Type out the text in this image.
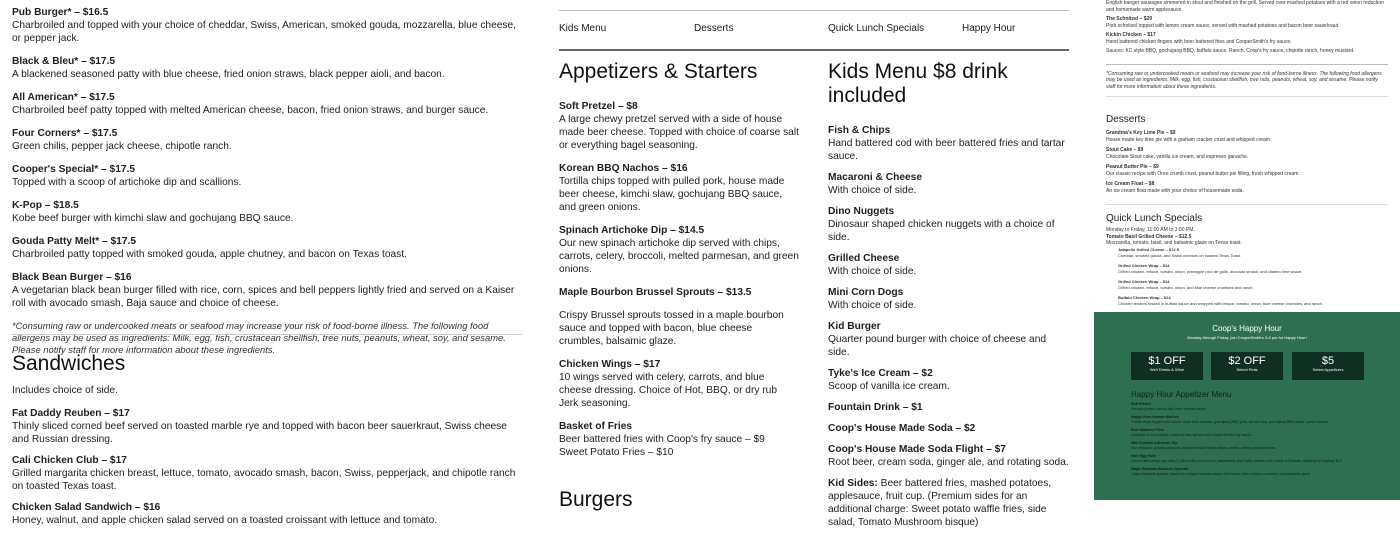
Pub Burger* – $16.5
Charbroiled and topped with your choice of cheddar, Swiss, American, smoked gouda, mozzarella, blue cheese, or pepper jack.
Black & Bleu* – $17.5
A blackened seasoned patty with blue cheese, fried onion straws, black pepper aioli, and bacon.
All American* – $17.5
Charbroiled beef patty topped with melted American cheese, bacon, fried onion straws, and burger sauce.
Four Corners* – $17.5
Green chilis, pepper jack cheese, chipotle ranch.
Cooper's Special* – $17.5
Topped with a scoop of artichoke dip and scallions.
K-Pop – $18.5
Kobe beef burger with kimchi slaw and gochujang BBQ sauce.
Gouda Patty Melt* – $17.5
Charbroiled patty topped with smoked gouda, apple chutney, and bacon on Texas toast.
Black Bean Burger – $16
A vegetarian black bean burger filled with rice, corn, spices and bell peppers lightly fried and served on a Kaiser roll with avocado smash, Baja sauce and choice of cheese.
*Consuming raw or undercooked meats or seafood may increase your risk of food-borne illness. The following food allergens may be used as ingredients: Milk, egg, fish, crustacean shellfish, tree nuts, peanuts, wheat, soy, and sesame. Please notify staff for more information about these ingredients.
Sandwiches
Includes choice of side.
Fat Daddy Reuben – $17
Thinly sliced corned beef served on toasted marble rye and topped with bacon beer sauerkraut, Swiss cheese and Russian dressing.
Cali Chicken Club – $17
Grilled margarita chicken breast, lettuce, tomato, avocado smash, bacon, Swiss, pepperjack, and chipotle ranch on toasted Texas toast.
Chicken Salad Sandwich – $16
Honey, walnut, and apple chicken salad served on a toasted croissant with lettuce and tomato.
Kids Menu	Desserts	Quick Lunch Specials	Happy Hour
Appetizers & Starters
Soft Pretzel – $8
A large chewy pretzel served with a side of house made beer cheese. Topped with choice of coarse salt or everything bagel seasoning.
Korean BBQ Nachos – $16
Tortilla chips topped with pulled pork, house made beer cheese, kimchi slaw, gochujang BBQ sauce, and green onions.
Spinach Artichoke Dip – $14.5
Our new spinach artichoke dip served with chips, carrots, celery, broccoli, melted parmesan, and green onions.
Maple Bourbon Brussel Sprouts – $13.5
Crispy Brussel sprouts tossed in a maple bourbon sauce and topped with bacon, blue cheese crumbles, balsamic glaze.
Chicken Wings – $17
10 wings served with celery, carrots, and blue cheese dressing. Choice of Hot, BBQ, or dry rub Jerk seasoning.
Basket of Fries
Beer battered fries with Coop's fry sauce – $9
Sweet Potato Fries – $10
Burgers
Kids Menu $8 drink included
Fish & Chips
Hand battered cod with beer battered fries and tartar sauce.
Macaroni & Cheese
With choice of side.
Dino Nuggets
Dinosaur shaped chicken nuggets with a choice of side.
Grilled Cheese
With choice of side.
Mini Corn Dogs
With choice of side.
Kid Burger
Quarter pound burger with choice of cheese and side.
Tyke's Ice Cream – $2
Scoop of vanilla ice cream.
Fountain Drink – $1
Coop's House Made Soda – $2
Coop's House Made Soda Flight – $7
Root beer, cream soda, ginger ale, and rotating soda.
Kid Sides: Beer battered fries, mashed potatoes, applesauce, fruit cup. (Premium sides for an additional charge: Sweet potato waffle fries, side salad, Tomato Mushroom bisque)
English banger sausages simmered in stout and finished on the grill. Served over mashed potatoes with a red onion reduction and homemade warm applesauce.
The Schnitzel – $20
Pork schnitzel topped with lemon cream sauce, served with mashed potatoes and bacon beer sauerkraut.
Kickin Chicken – $17
Hand battered chicken fingers with beer battered fries and CooperSmith's fry sauce.
Sauces: KC style BBQ, gochujang BBQ, buffalo sauce, Ranch, Coop's fry sauce, chipotle ranch, honey mustard.
*Consuming raw or undercooked meats or seafood may increase your risk of food-borne illness. The following food allergens may be used as ingredients: Milk, egg, fish, crustacean shellfish, tree nuts, peanuts, wheat, soy, and sesame. Please notify staff for more information about these ingredients.
Desserts
Grandma's Key Lime Pie – $9
House made key lime pie with a graham cracker crust and whipped cream.
Stout Cake – $9
Chocolate Stout cake, vanilla ice cream, and espresso ganache.
Peanut Butter Pie – $9
Our classic recipe with Oreo crumb crust, peanut butter pie filling, fresh whipped cream.
Ice Cream Float – $8
An ice cream float made with your choice of housemade soda.
Quick Lunch Specials
Monday to Friday, 11:00 AM to 3:00 PM.
Tomato Basil Grilled Cheese – $12.5
Mozzarella, tomato, basil, and balsamic glaze on Texas toast.
Jalapeño Grilled Cheese – $12.5
Cheddar, smoked gouda, and Swiss cheeses on toasted Texas Toast.
Grilled Chicken Wrap – $14
Grilled chicken, lettuce, tomato, onion, pineapple pico de gallo, avocado smash, and cilantro lime sauce.
Grilled Chicken Wrap – $14
Grilled chicken, lettuce, tomato, onion, and blue cheese crumbles and ranch.
Buffalo Chicken Wrap – $14
Chicken tenders tossed in buffalo sauce and wrapped with lettuce, tomato, onion, blue cheese crumbles, and ranch.
Coop's Happy Hour
Monday through Friday, join CooperSmith's 3-6 pm for Happy Hour!
$1 OFF
Well Drinks & Wine
$2 OFF
Select Pints
$5
Select Appetizers
Happy Hour Appetizer Menu
Soft Pretzel
Hot soft pretzel served with beer cheese sauce.
Happy Hour Korean Nachos
Tortilla chips topped with house made beer cheese, gochujang BBQ pork, kimchi slaw, gochujang BBQ sauce, green onions.
Beer Battered Fries
A basket of thin-cut beer battered fries served with CooperSmith's fry sauce.
Mini Spinach Artichoke Dip
Our delicious spinach artichoke dip served with tortilla chips, carrots, celery, and parmesan.
Irish Egg Rolls
Hand rolled crispy egg rolls (2) filled with corned beef, sauerkraut, and Swiss cheese with a side of Russian dressing for dipping. $15
Maple Bourbon Brussels Sprouts
Crispy brussels sprouts tossed in a maple bourbon sauce with bacon, bleu cheese crumbles, and balsamic glaze.
